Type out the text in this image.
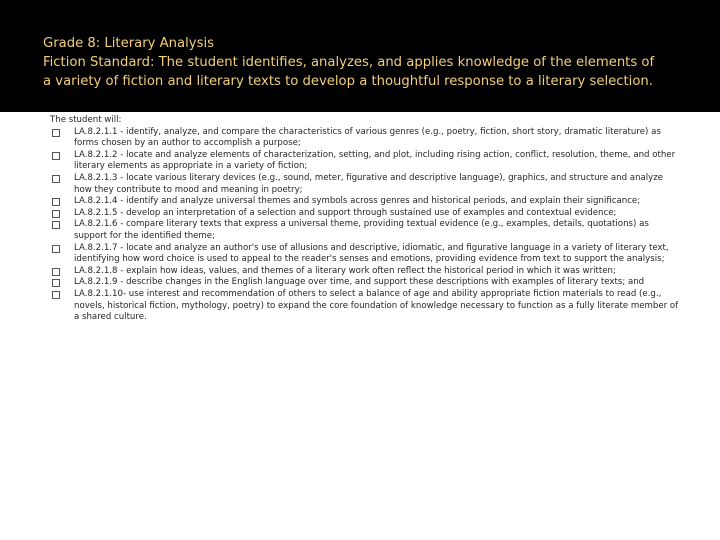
Grade 8: Literary Analysis
Fiction Standard: The student identifies, analyzes, and applies knowledge of the elements of
a variety of fiction and literary texts to develop a thoughtful response to a literary selection.
The student will:
LA.8.2.1.1 - identify, analyze, and compare the characteristics of various genres (e.g., poetry, fiction, short story, dramatic literature) as forms chosen by an author to accomplish a purpose;
LA.8.2.1.2 - locate and analyze elements of characterization, setting, and plot, including rising action, conflict, resolution, theme, and other literary elements as appropriate in a variety of fiction;
LA.8.2.1.3 - locate various literary devices (e.g., sound, meter, figurative and descriptive language), graphics, and structure and analyze how they contribute to mood and meaning in poetry;
LA.8.2.1.4 - identify and analyze universal themes and symbols across genres and historical periods, and explain their significance;
LA.8.2.1.5 - develop an interpretation of a selection and support through sustained use of examples and contextual evidence;
LA.8.2.1.6 - compare literary texts that express a universal theme, providing textual evidence (e.g., examples, details, quotations) as support for the identified theme;
LA.8.2.1.7 - locate and analyze an author's use of allusions and descriptive, idiomatic, and figurative language in a variety of literary text, identifying how word choice is used to appeal to the reader's senses and emotions, providing evidence from text to support the analysis;
LA.8.2.1.8 - explain how ideas, values, and themes of a literary work often reflect the historical period in which it was written;
LA.8.2.1.9 - describe changes in the English language over time, and support these descriptions with examples of literary texts; and
LA.8.2.1.10- use interest and recommendation of others to select a balance of age and ability appropriate fiction materials to read (e.g., novels, historical fiction, mythology, poetry) to expand the core foundation of knowledge necessary to function as a fully literate member of a shared culture.
